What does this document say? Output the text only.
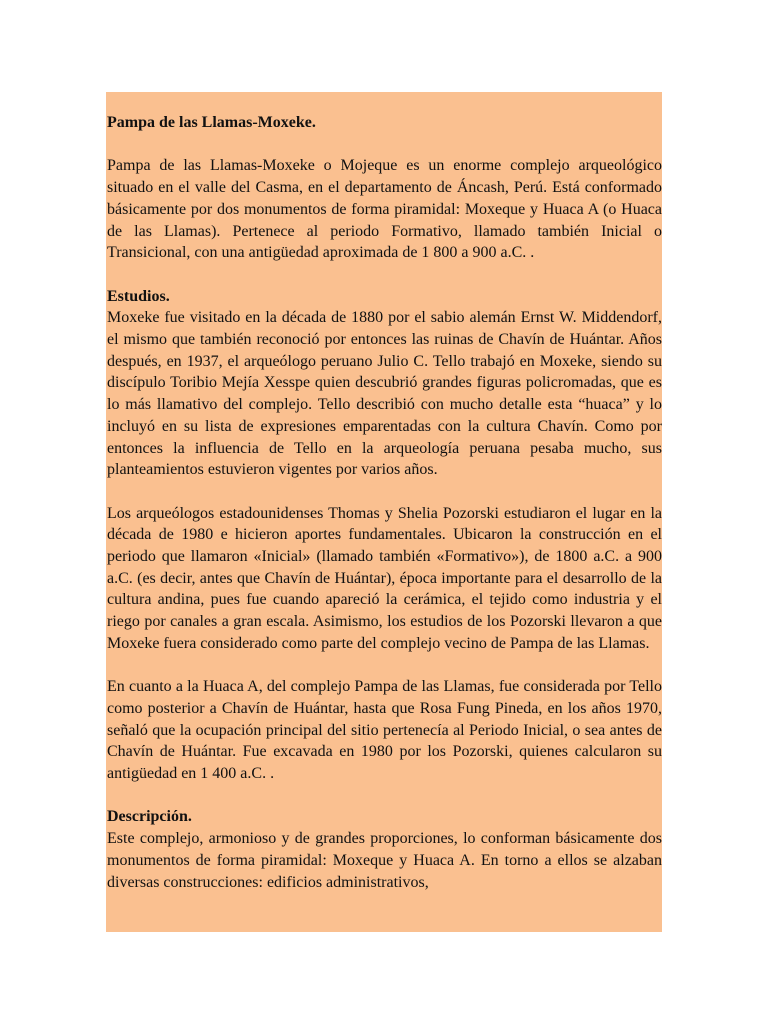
Pampa de las Llamas-Moxeke.

Pampa de las Llamas-Moxeke o Mojeque es un enorme complejo arqueológico situado en el valle del Casma, en el departamento de Áncash, Perú. Está conformado básicamente por dos monumentos de forma piramidal: Moxeque y Huaca A (o Huaca de las Llamas). Pertenece al periodo Formativo, llamado también Inicial o Transicional, con una antigüedad aproximada de 1 800 a 900 a.C. .

Estudios.

Moxeke fue visitado en la década de 1880 por el sabio alemán Ernst W. Middendorf, el mismo que también reconoció por entonces las ruinas de Chavín de Huántar. Años después, en 1937, el arqueólogo peruano Julio C. Tello trabajó en Moxeke, siendo su discípulo Toribio Mejía Xesspe quien descubrió grandes figuras policromadas, que es lo más llamativo del complejo. Tello describió con mucho detalle esta “huaca” y lo incluyó en su lista de expresiones emparentadas con la cultura Chavín. Como por entonces la influencia de Tello en la arqueología peruana pesaba mucho, sus planteamientos estuvieron vigentes por varios años.

Los arqueólogos estadounidenses Thomas y Shelia Pozorski estudiaron el lugar en la década de 1980 e hicieron aportes fundamentales. Ubicaron la construcción en el periodo que llamaron «Inicial» (llamado también «Formativo»), de 1800 a.C. a 900 a.C. (es decir, antes que Chavín de Huántar), época importante para el desarrollo de la cultura andina, pues fue cuando apareció la cerámica, el tejido como industria y el riego por canales a gran escala. Asimismo, los estudios de los Pozorski llevaron a que Moxeke fuera considerado como parte del complejo vecino de Pampa de las Llamas.

En cuanto a la Huaca A, del complejo Pampa de las Llamas, fue considerada por Tello como posterior a Chavín de Huántar, hasta que Rosa Fung Pineda, en los años 1970, señaló que la ocupación principal del sitio pertenecía al Periodo Inicial, o sea antes de Chavín de Huántar. Fue excavada en 1980 por los Pozorski, quienes calcularon su antigüedad en 1 400 a.C. .

Descripción.

Este complejo, armonioso y de grandes proporciones, lo conforman básicamente dos monumentos de forma piramidal: Moxeque y Huaca A. En torno a ellos se alzaban diversas construcciones: edificios administrativos,
